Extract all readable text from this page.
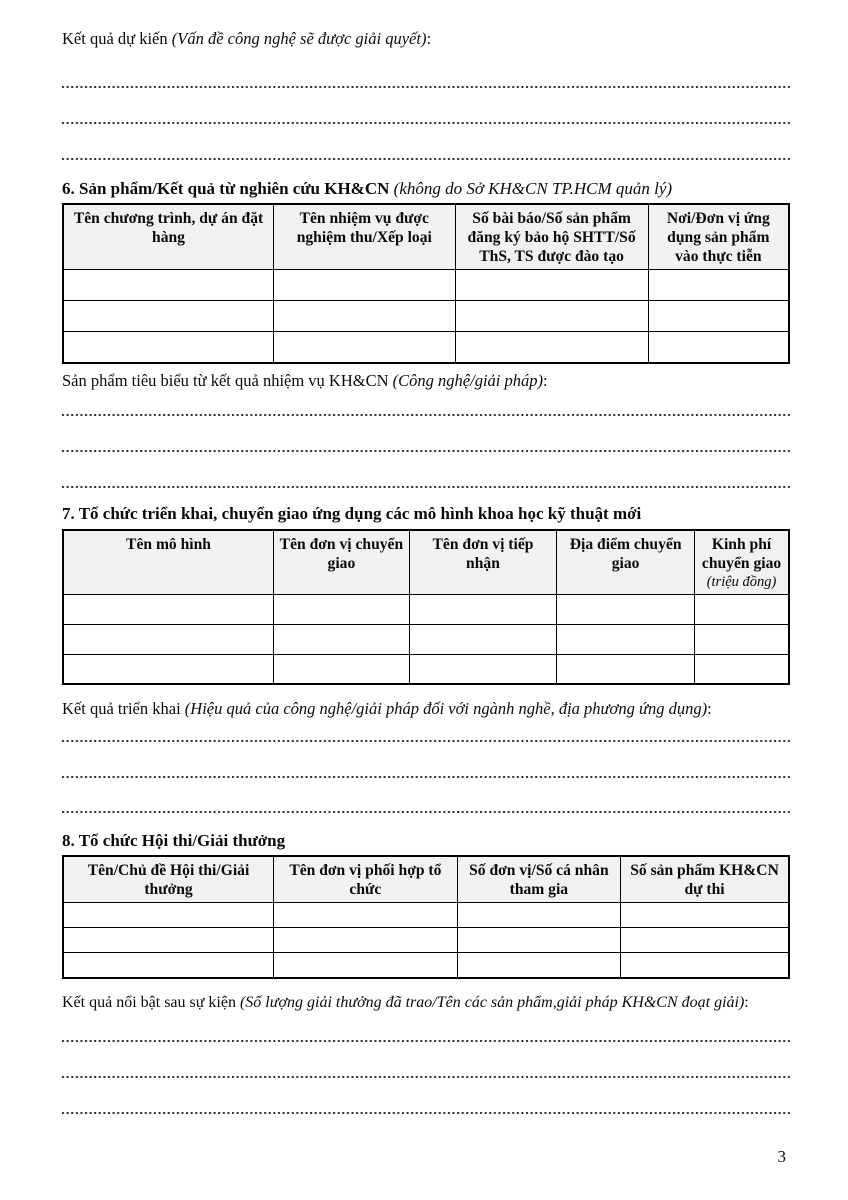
Kết quả dự kiến (Vấn đề công nghệ sẽ được giải quyết):

6. Sản phẩm/Kết quả từ nghiên cứu KH&CN (không do Sở KH&CN TP.HCM quản lý)

Tên chương trình, dự án đặt hàng	Tên nhiệm vụ được nghiệm thu/Xếp loại	Số bài báo/Số sản phẩm đăng ký bảo hộ SHTT/Số ThS, TS được đào tạo	Nơi/Đơn vị ứng dụng sản phẩm vào thực tiễn

Sản phẩm tiêu biểu từ kết quả nhiệm vụ KH&CN (Công nghệ/giải pháp):

7. Tổ chức triển khai, chuyển giao ứng dụng các mô hình khoa học kỹ thuật mới

Tên mô hình	Tên đơn vị chuyển giao	Tên đơn vị tiếp nhận	Địa điểm chuyển giao	Kinh phí chuyển giao
(triệu đồng)

Kết quả triển khai (Hiệu quả của công nghệ/giải pháp đối với ngành nghề, địa phương ứng dụng):

8. Tổ chức Hội thi/Giải thưởng

Tên/Chủ đề Hội thi/Giải thưởng	Tên đơn vị phối hợp tổ chức	Số đơn vị/Số cá nhân tham gia	Số sản phẩm KH&CN dự thi

Kết quả nổi bật sau sự kiện (Số lượng giải thưởng đã trao/Tên các sản phẩm,giải pháp KH&CN đoạt giải):

3
